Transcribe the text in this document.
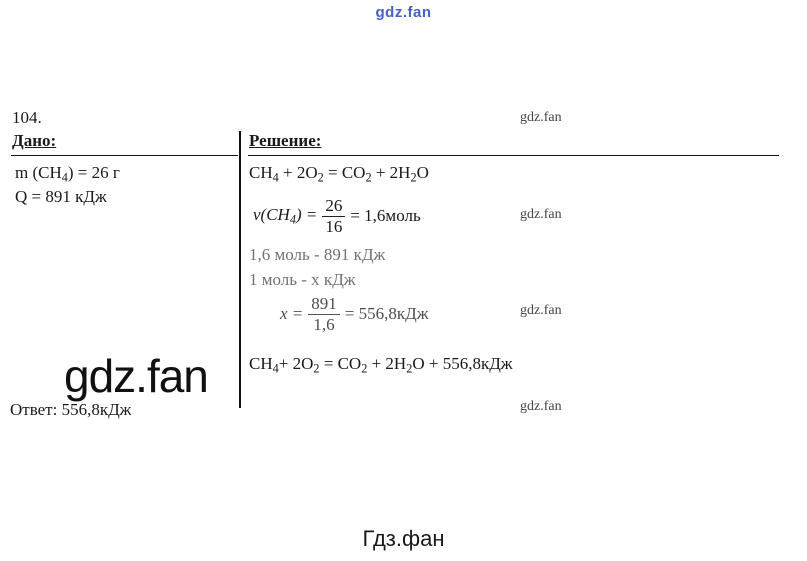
gdz.fan
104.	gdz.fan
gdz.fan
gdz.fan
gdz.fan
Дано:	Решение:
m $(CH_4) = 26$ г
Q = 891 кДж
$CH_4 + 2O_2 = CO_2 + 2H_2O$
$v(CH_4) = \frac{26}{16}$ = 1,6моль
1,6 моль - 891 кДж
1 моль - x кДж
$x = \frac{891}{1,6} = 556,8кДж$
$CH_4+ 2O_2 = CO_2 + 2H_2O + 556,8кДж$
gdz.fan
Ответ: 556,8кДж
Гдз.фан
